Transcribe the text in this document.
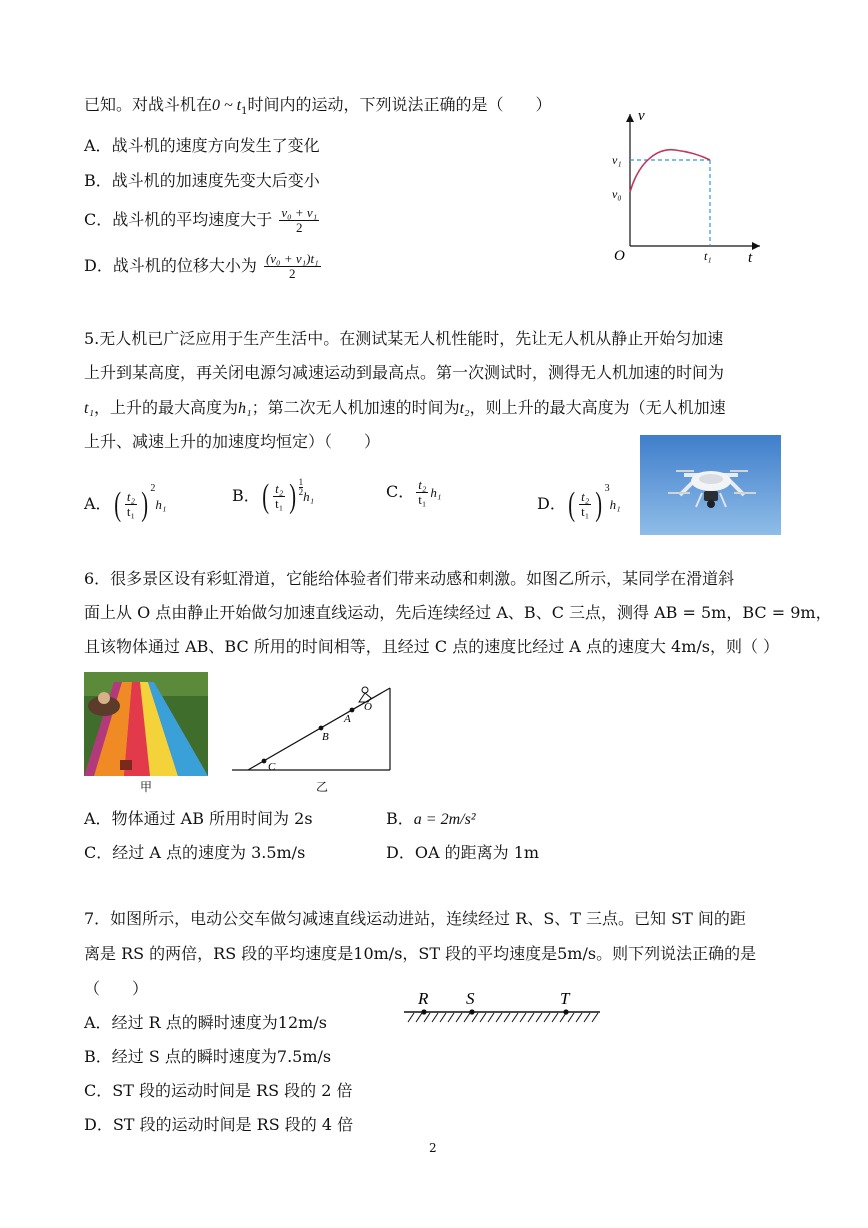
已知。对战斗机在0 ~ $t_1$时间内的运动，下列说法正确的是（　　）
A．战斗机的速度方向发生了变化
B．战斗机的加速度先变大后变小
C．战斗机的平均速度大于 $\frac{\text{v₀ + v₁}}{2}$
D．战斗机的位移大小为 $\frac{\text{(v₀ + v₁)t₁}}{2}$
v
t
O
v₁
v₀
t₁
5.无人机已广泛应用于生产生活中。在测试某无人机性能时，先让无人机从静止开始匀加速
上升到某高度，再关闭电源匀减速运动到最高点。第一次测试时，测得无人机加速的时间为
t₁，上升的最大高度为h₁；第二次无人机加速的时间为t₂，则上升的最大高度为（无人机加速
上升、减速上升的加速度均恒定）（　　）
A．( $\frac{\text{t₂}}{\text{t₁}}$ ) $^2$h₁	B．( $\frac{\text{t₂}}{\text{t₁}}$ ) $\frac{1}{2} h_1$	C． $\frac{\text{t₂}}{\text{t₁}} h_1$
D．( $\frac{\text{t₂}}{\text{t₁}}$ ) $^3$h₁
6．很多景区设有彩虹滑道，它能给体验者们带来动感和刺激。如图乙所示，某同学在滑道斜
面上从 O 点由静止开始做匀加速直线运动，先后连续经过 A、B、C 三点，测得 AB = 5m，BC = 9m，
且该物体通过 AB、BC 所用的时间相等，且经过 C 点的速度比经过 A 点的速度大 4m/s，则（ ）
甲
C
B
A
O
乙
A．物体通过 AB 所用时间为 2s	B．a = 2m/s²
C．经过 A 点的速度为 3.5m/s	D．OA 的距离为 1m
7．如图所示，电动公交车做匀减速直线运动进站，连续经过 R、S、T 三点。已知 ST 间的距
离是 RS 的两倍，RS 段的平均速度是10m/s，ST 段的平均速度是5m/s。则下列说法正确的是
（　　）
R S	T
A．经过 R 点的瞬时速度为12m/s
B．经过 S 点的瞬时速度为7.5m/s
C．ST 段的运动时间是 RS 段的 2 倍
D．ST 段的运动时间是 RS 段的 4 倍
2
